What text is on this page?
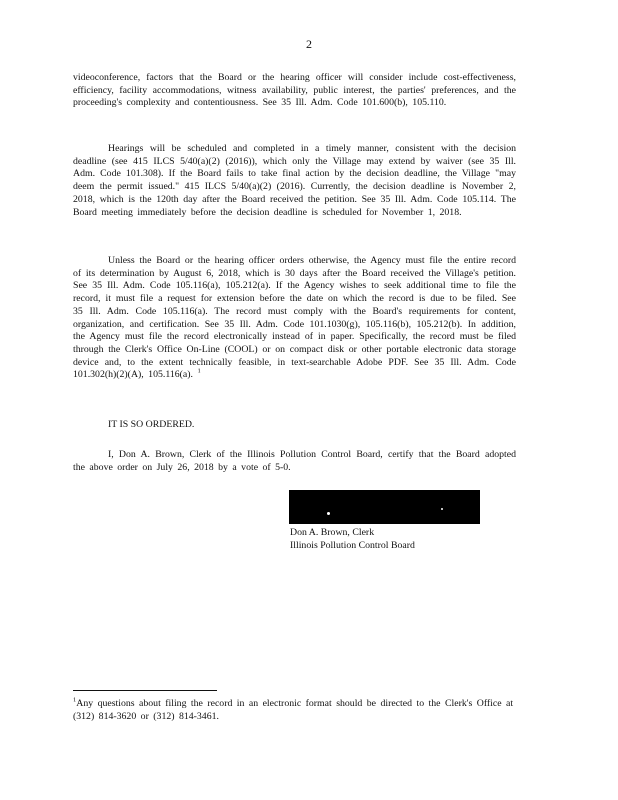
2

videoconference, factors that the Board or the hearing officer will consider include cost-effectiveness, efficiency, facility accommodations, witness availability, public interest, the parties' preferences, and the proceeding's complexity and contentiousness. See 35 Ill. Adm. Code 101.600(b), 105.110.

Hearings will be scheduled and completed in a timely manner, consistent with the decision deadline (see 415 ILCS 5/40(a)(2) (2016)), which only the Village may extend by waiver (see 35 Ill. Adm. Code 101.308). If the Board fails to take final action by the decision deadline, the Village "may deem the permit issued." 415 ILCS 5/40(a)(2) (2016). Currently, the decision deadline is November 2, 2018, which is the 120th day after the Board received the petition. See 35 Ill. Adm. Code 105.114. The Board meeting immediately before the decision deadline is scheduled for November 1, 2018.

Unless the Board or the hearing officer orders otherwise, the Agency must file the entire record of its determination by August 6, 2018, which is 30 days after the Board received the Village's petition. See 35 Ill. Adm. Code 105.116(a), 105.212(a). If the Agency wishes to seek additional time to file the record, it must file a request for extension before the date on which the record is due to be filed. See 35 Ill. Adm. Code 105.116(a). The record must comply with the Board's requirements for content, organization, and certification. See 35 Ill. Adm. Code 101.1030(g), 105.116(b), 105.212(b). In addition, the Agency must file the record electronically instead of in paper. Specifically, the record must be filed through the Clerk's Office On-Line (COOL) or on compact disk or other portable electronic data storage device and, to the extent technically feasible, in text-searchable Adobe PDF. See 35 Ill. Adm. Code 101.302(h)(2)(A), 105.116(a). $^1$

IT IS SO ORDERED.

I, Don A. Brown, Clerk of the Illinois Pollution Control Board, certify that the Board adopted the above order on July 26, 2018 by a vote of 5-0.

Don A. Brown, Clerk
Illinois Pollution Control Board

$^1$Any questions about filing the record in an electronic format should be directed to the Clerk's Office at (312) 814-3620 or (312) 814-3461.
